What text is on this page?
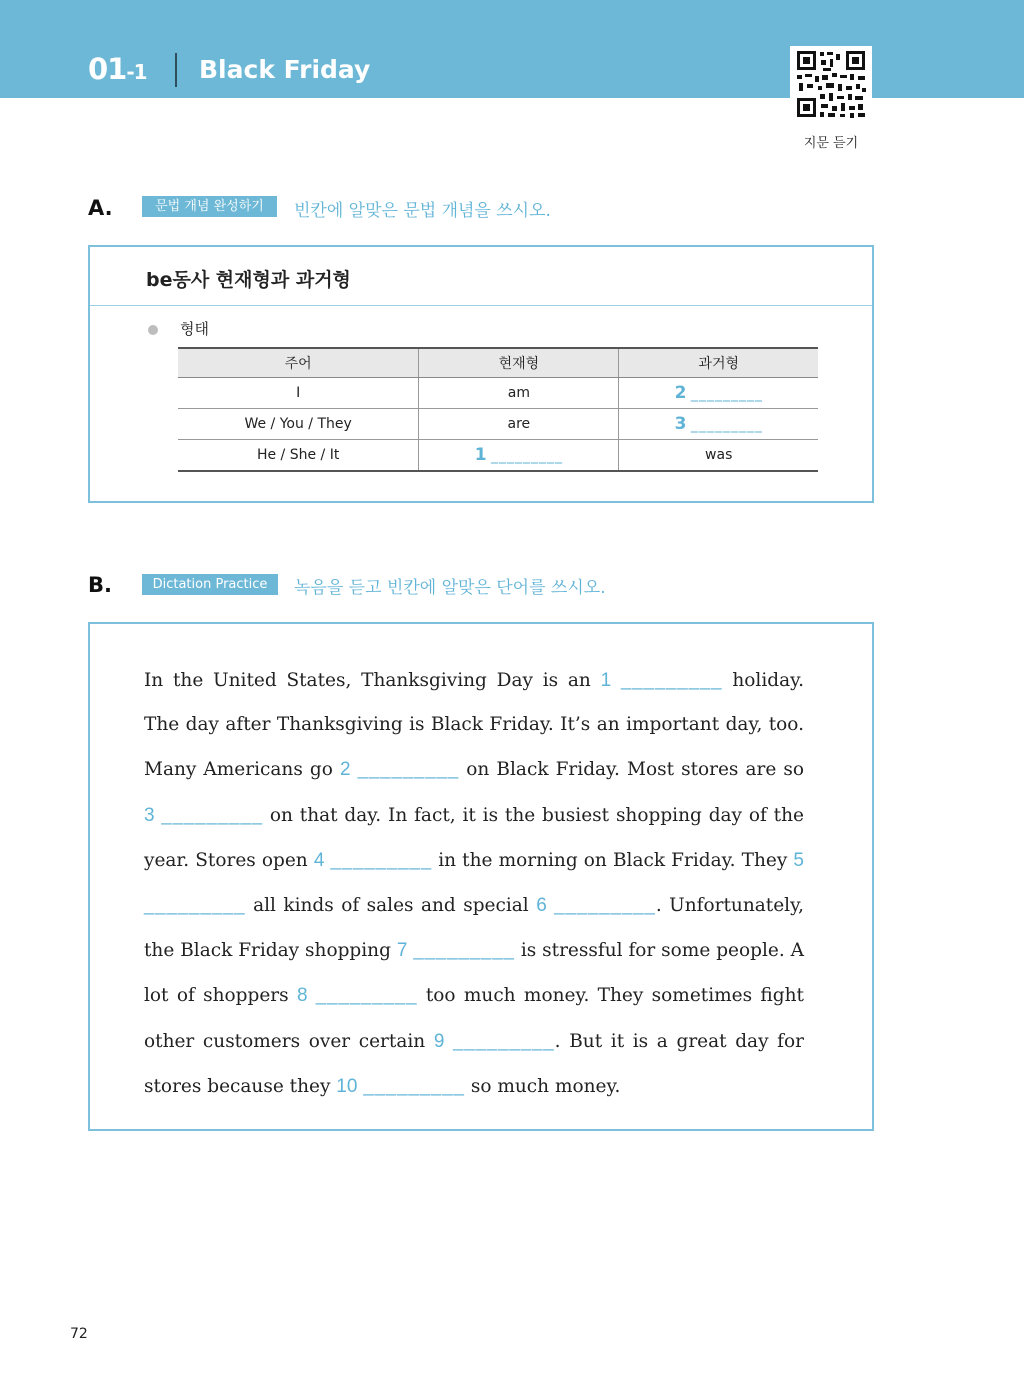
01-1 Black Friday
지문 듣기
A.	문법 개념 완성하기	빈칸에 알맞은 문법 개념을 쓰시오.
be동사 현재형과 과거형
형태
주어	현재형	과거형
I	am	2 _________
We / You / They	are	3 _________
He / She / It	1 _________	was
B.	Dictation Practice	녹음을 듣고 빈칸에 알맞은 단어를 쓰시오.
In the United States, Thanksgiving Day is an 1 _________ holiday. The day after Thanksgiving is Black Friday. It’s an important day, too. Many Americans go 2 _________ on Black Friday. Most stores are so 3 _________ on that day. In fact, it is the busiest shopping day of the year. Stores open 4 _________ in the morning on Black Friday. They 5 _________ all kinds of sales and special 6 _________. Unfortunately, the Black Friday shopping 7 _________ is stressful for some people. A lot of shoppers 8 _________ too much money. They sometimes fight other customers over certain 9 _________. But it is a great day for stores because they 10 _________ so much money.
72
